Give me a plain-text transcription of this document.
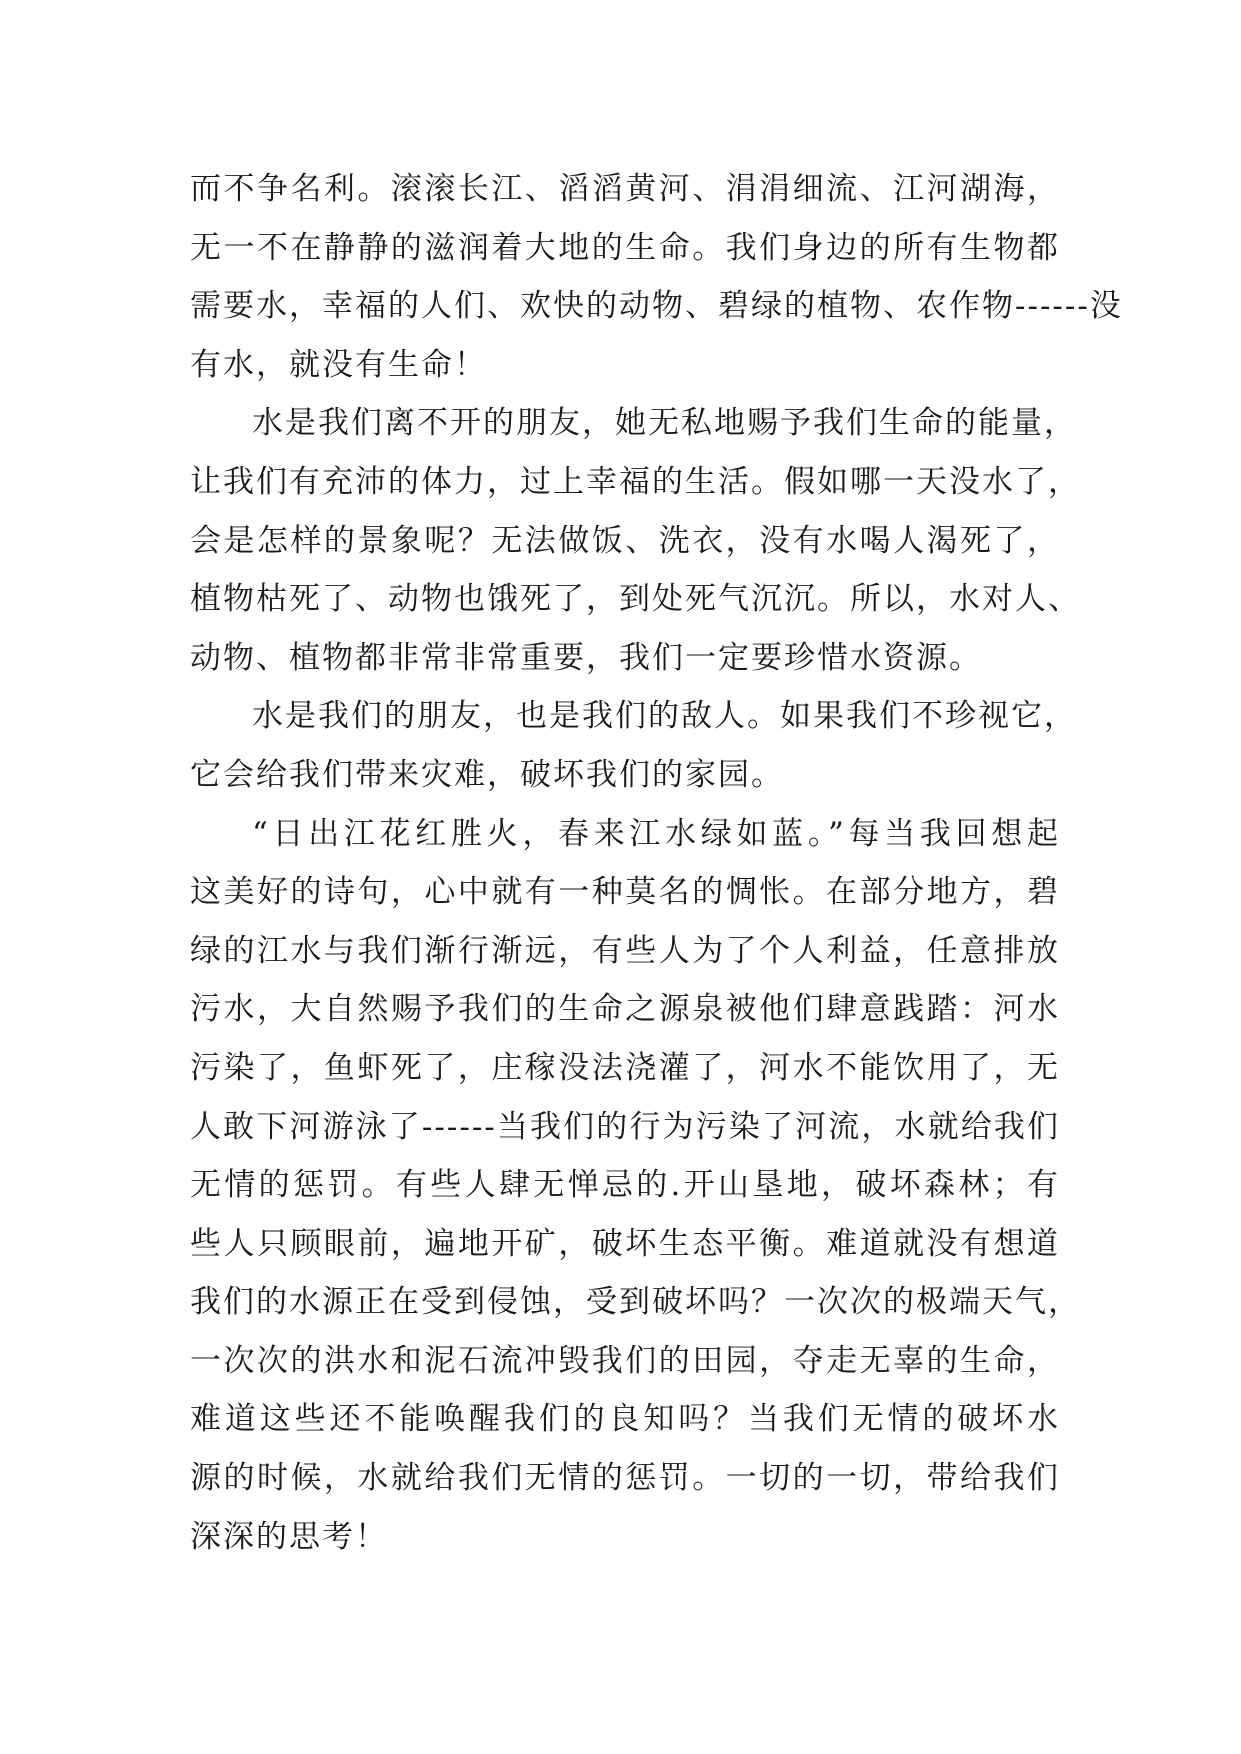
而不争名利。滚滚长江、滔滔黄河、涓涓细流、江河湖海，
无一不在静静的滋润着大地的生命。我们身边的所有生物都
需要水，幸福的人们、欢快的动物、碧绿的植物、农作物------没
有水，就没有生命！
水是我们离不开的朋友，她无私地赐予我们生命的能量，
让我们有充沛的体力，过上幸福的生活。假如哪一天没水了，
会是怎样的景象呢？无法做饭、洗衣，没有水喝人渴死了，
植物枯死了、动物也饿死了，到处死气沉沉。所以，水对人、
动物、植物都非常非常重要，我们一定要珍惜水资源。
水是我们的朋友，也是我们的敌人。如果我们不珍视它，
它会给我们带来灾难，破坏我们的家园。
“日出江花红胜火，春来江水绿如蓝。”每当我回想起
这美好的诗句，心中就有一种莫名的惆怅。在部分地方，碧
绿的江水与我们渐行渐远，有些人为了个人利益，任意排放
污水，大自然赐予我们的生命之源泉被他们肆意践踏：河水
污染了，鱼虾死了，庄稼没法浇灌了，河水不能饮用了，无
人敢下河游泳了------当我们的行为污染了河流，水就给我们
无情的惩罚。有些人肆无惮忌的.开山垦地，破坏森林；有
些人只顾眼前，遍地开矿，破坏生态平衡。难道就没有想道
我们的水源正在受到侵蚀，受到破坏吗？一次次的极端天气，
一次次的洪水和泥石流冲毁我们的田园，夺走无辜的生命，
难道这些还不能唤醒我们的良知吗？当我们无情的破坏水
源的时候，水就给我们无情的惩罚。一切的一切，带给我们
深深的思考！
